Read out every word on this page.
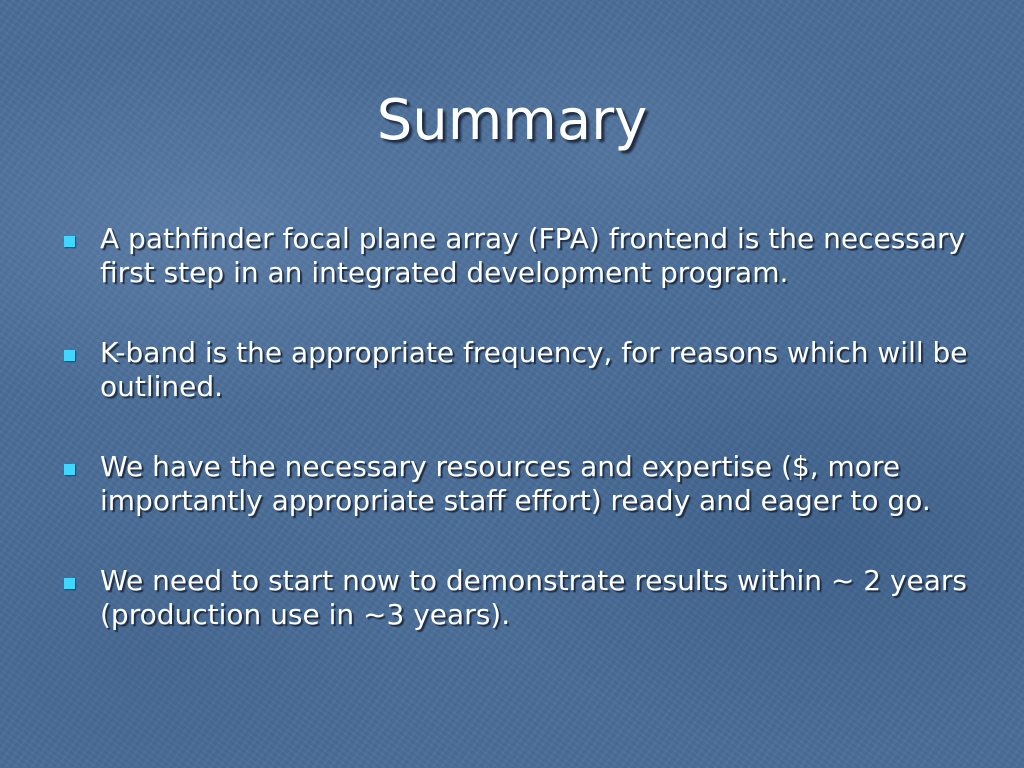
Summary
A pathfinder focal plane array (FPA) frontend is the necessary first step in an integrated development program.
K-band is the appropriate frequency, for reasons which will be outlined.
We have the necessary resources and expertise ($, more importantly appropriate staff effort) ready and eager to go.
We need to start now to demonstrate results within ~ 2 years (production use in ~3 years).
